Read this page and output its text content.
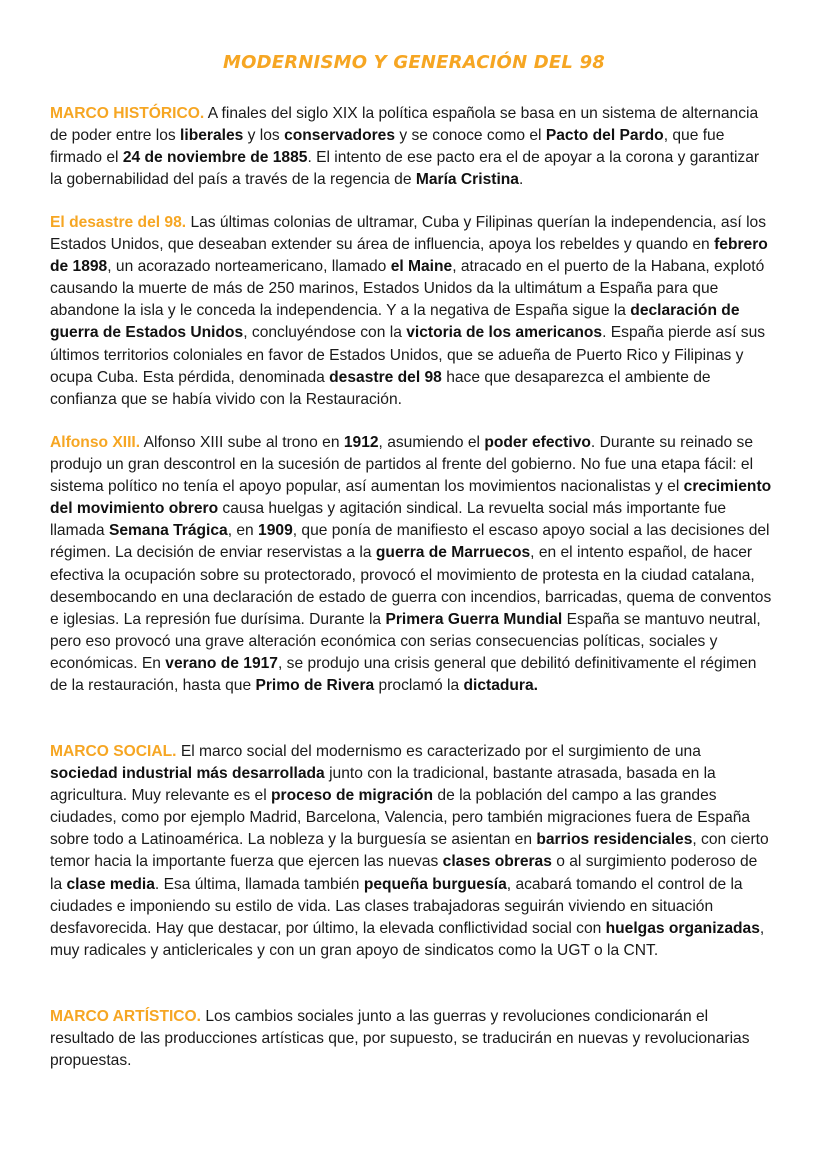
MODERNISMO Y GENERACIÓN DEL 98

MARCO HISTÓRICO. A finales del siglo XIX la política española se basa en un sistema de alternancia de poder entre los liberales y los conservadores y se conoce como el Pacto del Pardo, que fue firmado el 24 de noviembre de 1885. El intento de ese pacto era el de apoyar a la corona y garantizar la gobernabilidad del país a través de la regencia de María Cristina.

El desastre del 98. Las últimas colonias de ultramar, Cuba y Filipinas querían la independencia, así los Estados Unidos, que deseaban extender su área de influencia, apoya los rebeldes y quando en febrero de 1898, un acorazado norteamericano, llamado el Maine, atracado en el puerto de la Habana, explotó causando la muerte de más de 250 marinos, Estados Unidos da la ultimátum a España para que abandone la isla y le conceda la independencia. Y a la negativa de España sigue la declaración de guerra de Estados Unidos, concluyéndose con la victoria de los americanos. España pierde así sus últimos territorios coloniales en favor de Estados Unidos, que se adueña de Puerto Rico y Filipinas y ocupa Cuba. Esta pérdida, denominada desastre del 98 hace que desaparezca el ambiente de confianza que se había vivido con la Restauración.

Alfonso XIII. Alfonso XIII sube al trono en 1912, asumiendo el poder efectivo. Durante su reinado se produjo un gran descontrol en la sucesión de partidos al frente del gobierno. No fue una etapa fácil: el sistema político no tenía el apoyo popular, así aumentan los movimientos nacionalistas y el crecimiento del movimiento obrero causa huelgas y agitación sindical. La revuelta social más importante fue llamada Semana Trágica, en 1909, que ponía de manifiesto el escaso apoyo social a las decisiones del régimen. La decisión de enviar reservistas a la guerra de Marruecos, en el intento español, de hacer efectiva la ocupación sobre su protectorado, provocó el movimiento de protesta en la ciudad catalana, desembocando en una declaración de estado de guerra con incendios, barricadas, quema de conventos e iglesias. La represión fue durísima. Durante la Primera Guerra Mundial España se mantuvo neutral, pero eso provocó una grave alteración económica con serias consecuencias políticas, sociales y económicas. En verano de 1917, se produjo una crisis general que debilitó definitivamente el régimen de la restauración, hasta que Primo de Rivera proclamó la dictadura.

MARCO SOCIAL. El marco social del modernismo es caracterizado por el surgimiento de una sociedad industrial más desarrollada junto con la tradicional, bastante atrasada, basada en la agricultura. Muy relevante es el proceso de migración de la población del campo a las grandes ciudades, como por ejemplo Madrid, Barcelona, Valencia, pero también migraciones fuera de España sobre todo a Latinoamérica. La nobleza y la burguesía se asientan en barrios residenciales, con cierto temor hacia la importante fuerza que ejercen las nuevas clases obreras o al surgimiento poderoso de la clase media. Esa última, llamada también pequeña burguesía, acabará tomando el control de la ciudades e imponiendo su estilo de vida. Las clases trabajadoras seguirán viviendo en situación desfavorecida. Hay que destacar, por último, la elevada conflictividad social con huelgas organizadas, muy radicales y anticlericales y con un gran apoyo de sindicatos como la UGT o la CNT.

MARCO ARTÍSTICO. Los cambios sociales junto a las guerras y revoluciones condicionarán el resultado de las producciones artísticas que, por supuesto, se traducirán en nuevas y revolucionarias propuestas.
